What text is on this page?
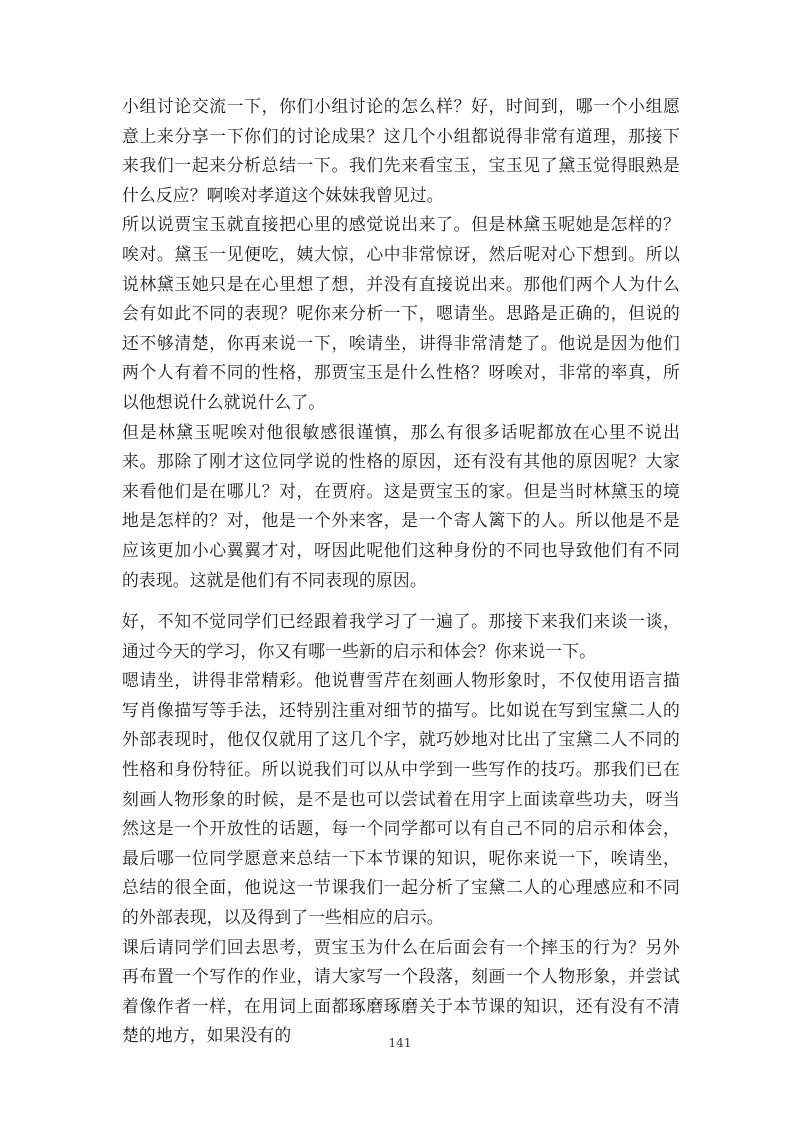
小组讨论交流一下，你们小组讨论的怎么样？好，时间到，哪一个小组愿意上来分享一下你们的讨论成果？这几个小组都说得非常有道理，那接下来我们一起来分析总结一下。我们先来看宝玉，宝玉见了黛玉觉得眼熟是什么反应？啊唉对孝道这个妹妹我曾见过。

所以说贾宝玉就直接把心里的感觉说出来了。但是林黛玉呢她是怎样的？唉对。黛玉一见便吃，姨大惊，心中非常惊讶，然后呢对心下想到。所以说林黛玉她只是在心里想了想，并没有直接说出来。那他们两个人为什么会有如此不同的表现？呢你来分析一下，嗯请坐。思路是正确的，但说的还不够清楚，你再来说一下，唉请坐，讲得非常清楚了。他说是因为他们两个人有着不同的性格，那贾宝玉是什么性格？呀唉对，非常的率真，所以他想说什么就说什么了。

但是林黛玉呢唉对他很敏感很谨慎，那么有很多话呢都放在心里不说出来。那除了刚才这位同学说的性格的原因，还有没有其他的原因呢？大家来看他们是在哪儿？对，在贾府。这是贾宝玉的家。但是当时林黛玉的境地是怎样的？对，他是一个外来客，是一个寄人篱下的人。所以他是不是应该更加小心翼翼才对，呀因此呢他们这种身份的不同也导致他们有不同的表现。这就是他们有不同表现的原因。

好，不知不觉同学们已经跟着我学习了一遍了。那接下来我们来谈一谈，通过今天的学习，你又有哪一些新的启示和体会？你来说一下。

嗯请坐，讲得非常精彩。他说曹雪芹在刻画人物形象时，不仅使用语言描写肖像描写等手法，还特别注重对细节的描写。比如说在写到宝黛二人的外部表现时，他仅仅就用了这几个字，就巧妙地对比出了宝黛二人不同的性格和身份特征。所以说我们可以从中学到一些写作的技巧。那我们已在刻画人物形象的时候，是不是也可以尝试着在用字上面读章些功夫，呀当然这是一个开放性的话题，每一个同学都可以有自己不同的启示和体会，最后哪一位同学愿意来总结一下本节课的知识，呢你来说一下，唉请坐，总结的很全面，他说这一节课我们一起分析了宝黛二人的心理感应和不同的外部表现，以及得到了一些相应的启示。

课后请同学们回去思考，贾宝玉为什么在后面会有一个摔玉的行为？另外再布置一个写作的作业，请大家写一个段落，刻画一个人物形象，并尝试着像作者一样，在用词上面都琢磨琢磨关于本节课的知识，还有没有不清楚的地方，如果没有的	141
